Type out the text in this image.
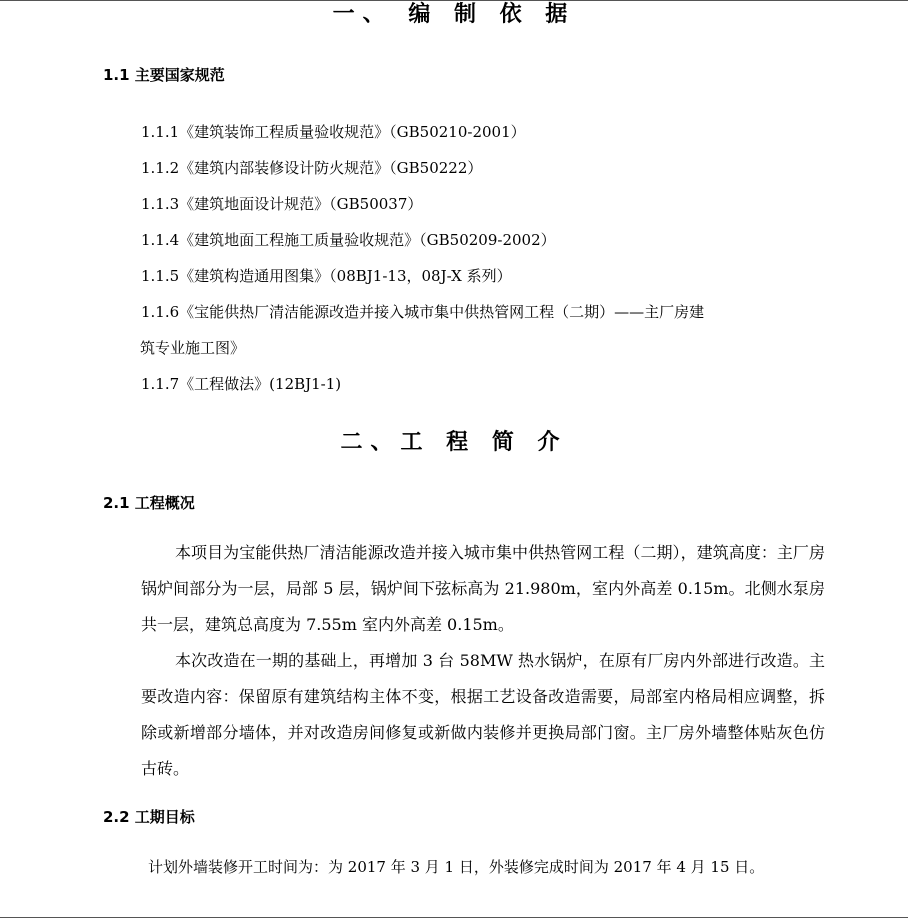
一、 编 制 依 据
1.1 主要国家规范
1.1.1《建筑装饰工程质量验收规范》（GB50210-2001）
1.1.2《建筑内部装修设计防火规范》（GB50222）
1.1.3《建筑地面设计规范》（GB50037）
1.1.4《建筑地面工程施工质量验收规范》（GB50209-2002）
1.1.5《建筑构造通用图集》（08BJ1-13，08J-X 系列）
1.1.6《宝能供热厂清洁能源改造并接入城市集中供热管网工程（二期）——主厂房建
筑专业施工图》
1.1.7《工程做法》(12BJ1-1)
二、工 程 简 介
2.1 工程概况

本项目为宝能供热厂清洁能源改造并接入城市集中供热管网工程（二期），建筑高度：主厂房锅炉间部分为一层，局部 5 层，锅炉间下弦标高为 21.980m，室内外高差 0.15m。北侧水泵房共一层，建筑总高度为 7.55m 室内外高差 0.15m。

本次改造在一期的基础上，再增加 3 台 58MW 热水锅炉，在原有厂房内外部进行改造。主要改造内容：保留原有建筑结构主体不变，根据工艺设备改造需要，局部室内格局相应调整，拆除或新增部分墙体，并对改造房间修复或新做内装修并更换局部门窗。主厂房外墙整体贴灰色仿古砖。

2.2 工期目标

计划外墙装修开工时间为：为 2017 年 3 月 1 日，外装修完成时间为 2017 年 4 月 15 日。
